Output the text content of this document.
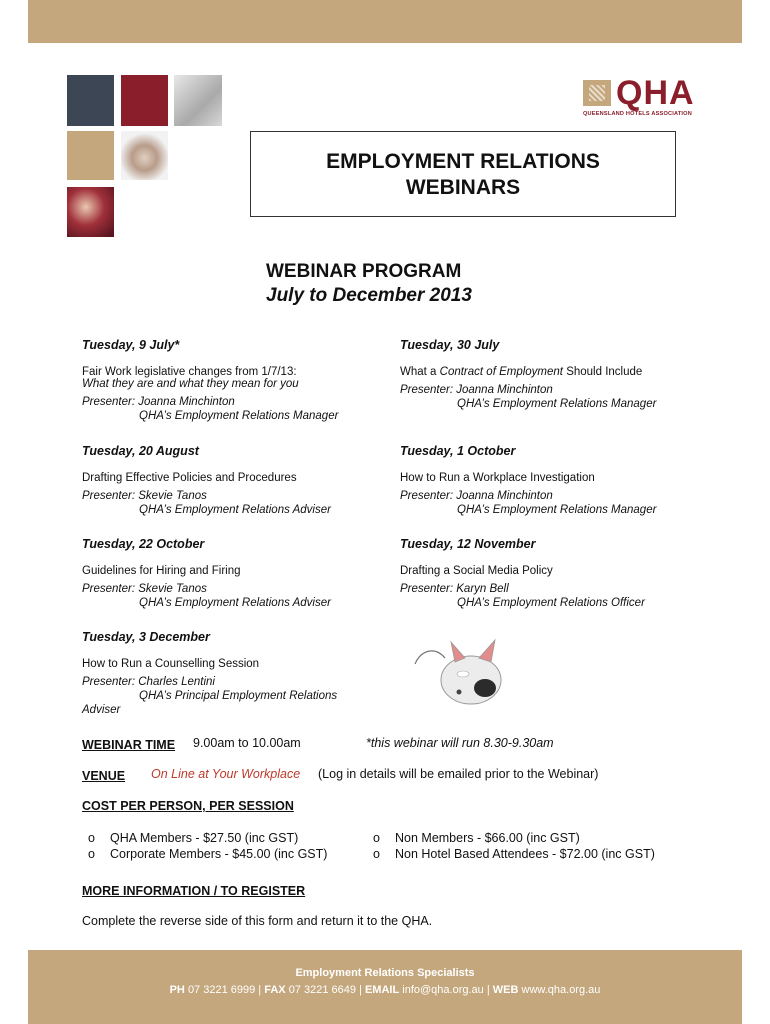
QHA
QUEENSLAND HOTELS ASSOCIATION
EMPLOYMENT RELATIONS
WEBINARS
WEBINAR PROGRAM
July to December 2013
Tuesday, 9 July*
Fair Work legislative changes from 1/7/13:
What they are and what they mean for you
Presenter: Joanna Minchinton
QHA’s Employment Relations Manager
Tuesday, 30 July
What a Contract of Employment Should Include
Presenter: Joanna Minchinton
QHA’s Employment Relations Manager
Tuesday, 20 August
Drafting Effective Policies and Procedures
Presenter: Skevie Tanos
QHA’s Employment Relations Adviser
Tuesday, 1 October
How to Run a Workplace Investigation
Presenter: Joanna Minchinton
QHA’s Employment Relations Manager
Tuesday, 22 October
Guidelines for Hiring and Firing
Presenter: Skevie Tanos
QHA’s Employment Relations Adviser
Tuesday, 12 November
Drafting a Social Media Policy
Presenter: Karyn Bell
QHA’s Employment Relations Officer
Tuesday, 3 December
How to Run a Counselling Session
Presenter: Charles Lentini
QHA’s Principal Employment Relations
Adviser
WEBINAR TIME 9.00am to 10.00am	*this webinar will run 8.30-9.30am
VENUE On Line at Your Workplace (Log in details will be emailed prior to the Webinar)
COST PER PERSON, PER SESSION
o QHA Members - $27.50 (inc GST)
o Corporate Members - $45.00 (inc GST)
o Non Members - $66.00 (inc GST)
o Non Hotel Based Attendees - $72.00 (inc GST)
MORE INFORMATION / TO REGISTER
Complete the reverse side of this form and return it to the QHA.
Employment Relations Specialists
PH 07 3221 6999 | FAX 07 3221 6649 | EMAIL info@qha.org.au | WEB www.qha.org.au
